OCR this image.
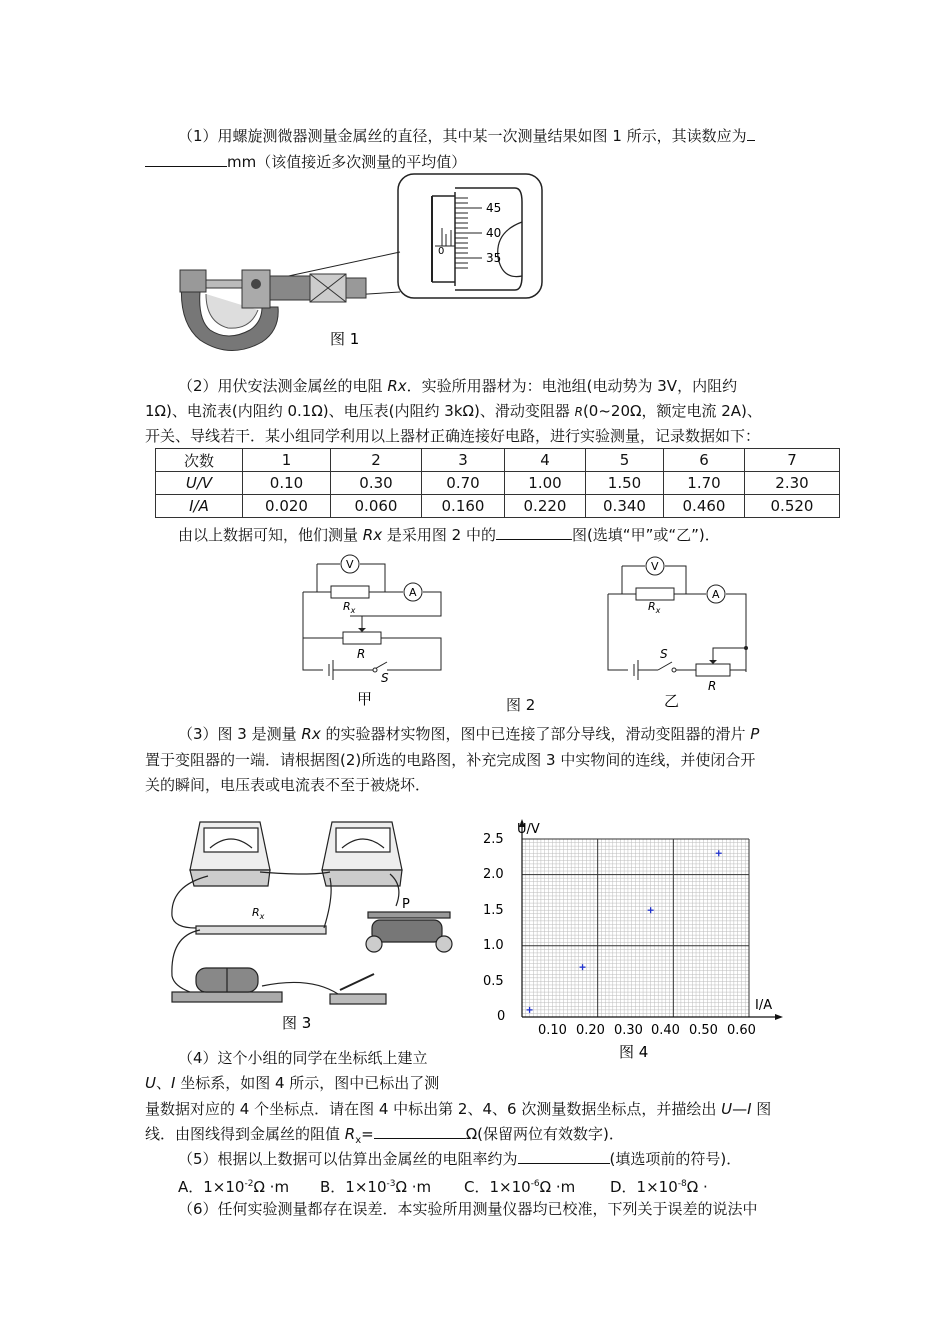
（1）用螺旋测微器测量金属丝的直径，其中某一次测量结果如图 1 所示，其读数应为
mm（该值接近多次测量的平均值）
45
40
35
0
图 1
（2）用伏安法测金属丝的电阻 Rx．实验所用器材为：电池组(电动势为 3V，内阻约
1Ω)、电流表(内阻约 0.1Ω)、电压表(内阻约 3kΩ)、滑动变阻器 R(0~20Ω，额定电流 2A)、
开关、导线若干．某小组同学利用以上器材正确连接好电路，进行实验测量，记录数据如下：
次数	1	2	3	4	5	6	7
U/V	0.10	0.30	0.70	1.00	1.50	1.70	2.30
I/A	0.020	0.060	0.160	0.220	0.340	0.460	0.520
由以上数据可知，他们测量 Rx 是采用图 2 中的	图(选填“甲”或“乙”)．
V
A
$R_x$
R
S
甲	图 2
V
A
$R_x$
S
R
乙
（3）图 3 是测量 Rx 的实验器材实物图，图中已连接了部分导线，滑动变阻器的滑片 P
置于变阻器的一端．请根据图(2)所选的电路图，补充完成图 3 中实物间的连线，并使闭合开
关的瞬间，电压表或电流表不至于被烧坏．
$R_x$
P
图 3
U/V
I/A
2.5
2.0
1.5
1.0
0.5
0
0.10 0.20 0.30 0.40 0.50 0.60
图 4
（4）这个小组的同学在坐标纸上建立
U、I 坐标系，如图 4 所示，图中已标出了测
量数据对应的 4 个坐标点．请在图 4 中标出第 2、4、6 次测量数据坐标点，并描绘出 U—I 图
线．由图线得到金属丝的阻值 $R_x=$	Ω(保留两位有效数字)．
（5）根据以上数据可以估算出金属丝的电阻率约为	(填选项前的符号)．
A．$1\times 10^{-2}\Omega \cdot m$ B．$1\times 10^{-3}\Omega \cdot m$ C．$1\times 10^{-6}\Omega \cdot m$ D．$1\times 10^{-8}\Omega$ ·
（6）任何实验测量都存在误差．本实验所用测量仪器均已校准，下列关于误差的说法中
